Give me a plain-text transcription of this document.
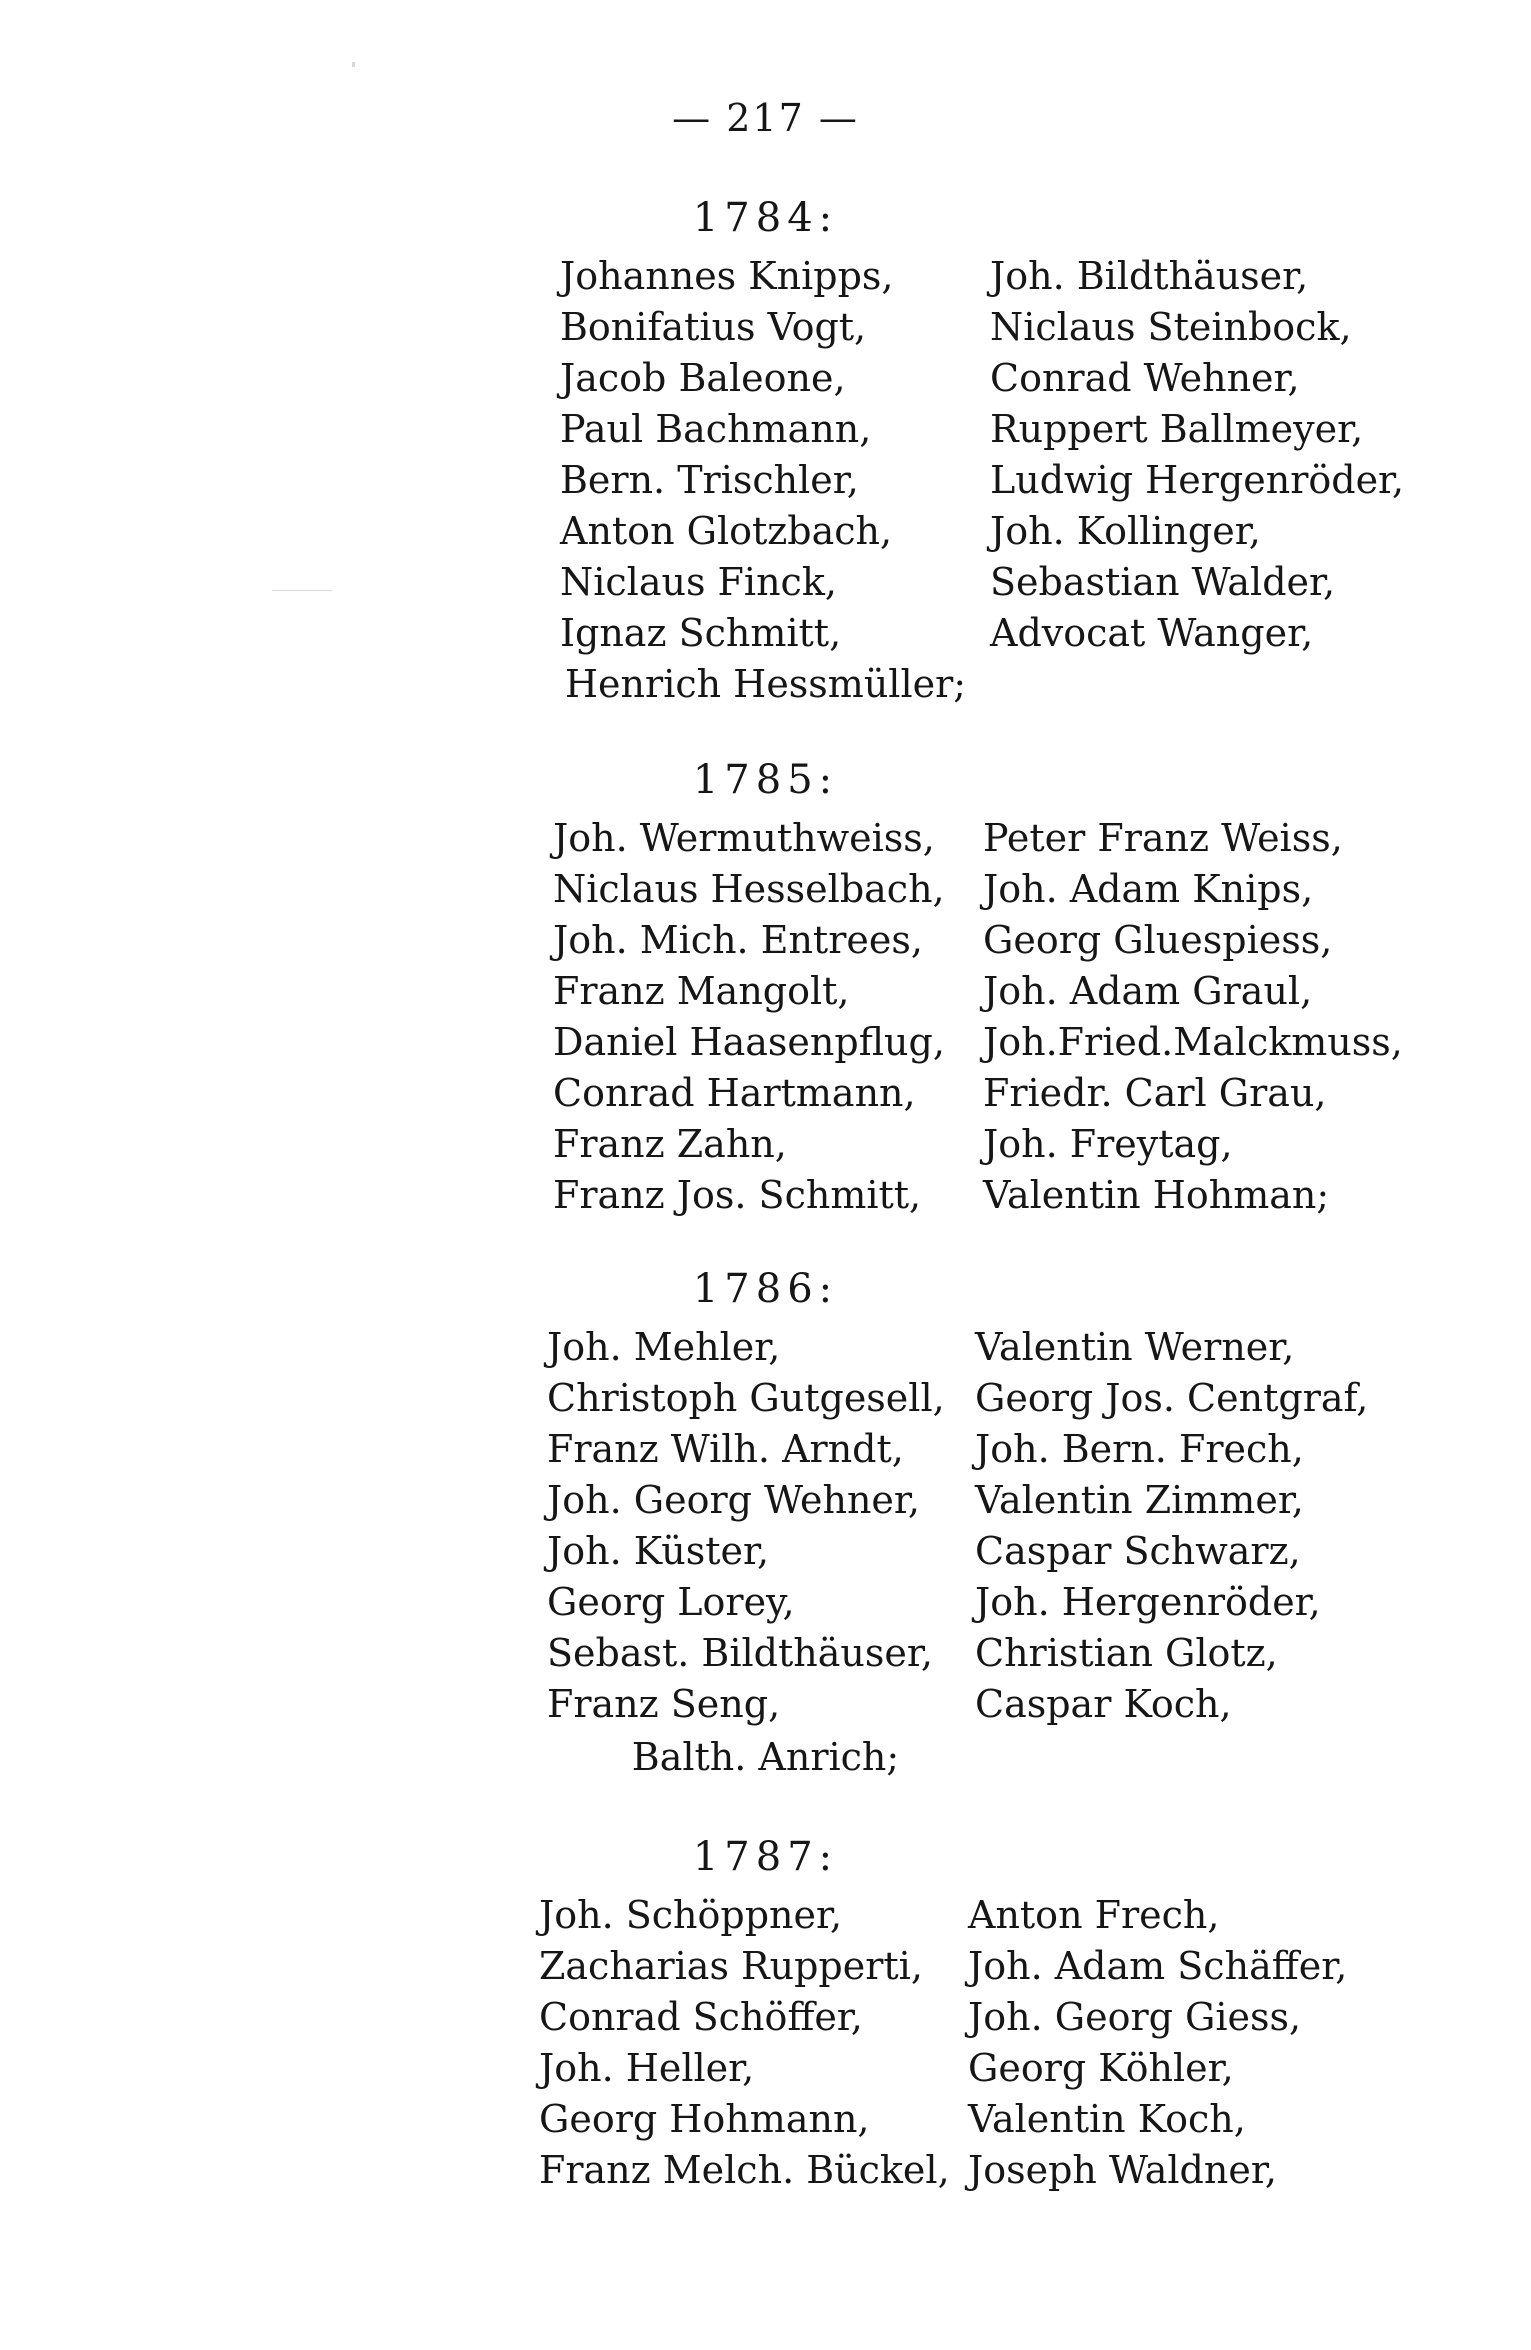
— 217 —
1784:
Johannes Knipps,
Bonifatius Vogt,
Jacob Baleone,
Paul Bachmann,
Bern. Trischler,
Anton Glotzbach,
Niclaus Finck,
Ignaz Schmitt,
Joh. Bildthäuser,
Niclaus Steinbock,
Conrad Wehner,
Ruppert Ballmeyer,
Ludwig Hergenröder,
Joh. Kollinger,
Sebastian Walder,
Advocat Wanger,
Henrich Hessmüller;
1785:
Joh. Wermuthweiss,
Niclaus Hesselbach,
Joh. Mich. Entrees,
Franz Mangolt,
Daniel Haasenpflug,
Conrad Hartmann,
Franz Zahn,
Franz Jos. Schmitt,
Peter Franz Weiss,
Joh. Adam Knips,
Georg Gluespiess,
Joh. Adam Graul,
Joh.Fried.Malckmuss,
Friedr. Carl Grau,
Joh. Freytag,
Valentin Hohman;
1786:
Joh. Mehler,
Christoph Gutgesell,
Franz Wilh. Arndt,
Joh. Georg Wehner,
Joh. Küster,
Georg Lorey,
Sebast. Bildthäuser,
Franz Seng,
Valentin Werner,
Georg Jos. Centgraf,
Joh. Bern. Frech,
Valentin Zimmer,
Caspar Schwarz,
Joh. Hergenröder,
Christian Glotz,
Caspar Koch,
Balth. Anrich;
1787:
Joh. Schöppner,
Zacharias Rupperti,
Conrad Schöffer,
Joh. Heller,
Georg Hohmann,
Franz Melch. Bückel,
Anton Frech,
Joh. Adam Schäffer,
Joh. Georg Giess,
Georg Köhler,
Valentin Koch,
Joseph Waldner,
